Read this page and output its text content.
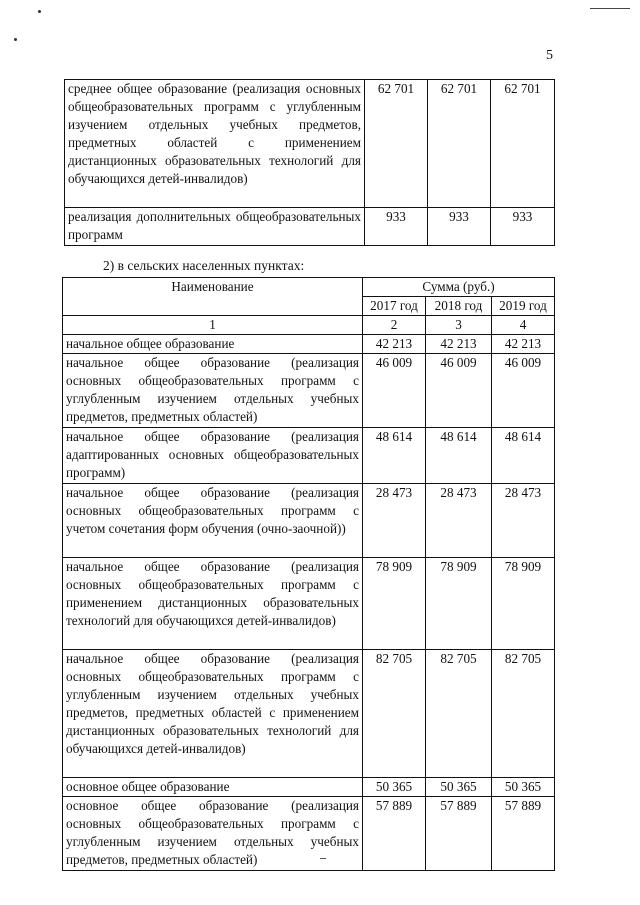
5
среднее общее образование (реализация основных общеобразовательных программ с углубленным изучением отдельных учебных предметов, предметных областей с применением дистанционных образовательных технологий для обучающихся детей-инвалидов)	62 701	62 701	62 701
реализация дополнительных общеобразовательных программ	933	933	933
2) в сельских населенных пунктах:
Наименование	Сумма (руб.)		
	2017 год	2018 год	2019 год
1	2	3	4
начальное общее образование	42 213	42 213	42 213
начальное общее образование (реализация основных общеобразовательных программ с углубленным изучением отдельных учебных предметов, предметных областей)	46 009	46 009	46 009
начальное общее образование (реализация адаптированных основных общеобразовательных программ)	48 614	48 614	48 614
начальное общее образование (реализация основных общеобразовательных программ с учетом сочетания форм обучения (очно-заочной))	28 473	28 473	28 473
начальное общее образование (реализация основных общеобразовательных программ с применением дистанционных образовательных технологий для обучающихся детей-инвалидов)	78 909	78 909	78 909
начальное общее образование (реализация основных общеобразовательных программ с углубленным изучением отдельных учебных предметов, предметных областей с применением дистанционных образовательных технологий для обучающихся детей-инвалидов)	82 705	82 705	82 705
основное общее образование	50 365	50 365	50 365
основное общее образование (реализация основных общеобразовательных программ с углубленным изучением отдельных учебных предметов, предметных областей)	57 889	57 889	57 889
